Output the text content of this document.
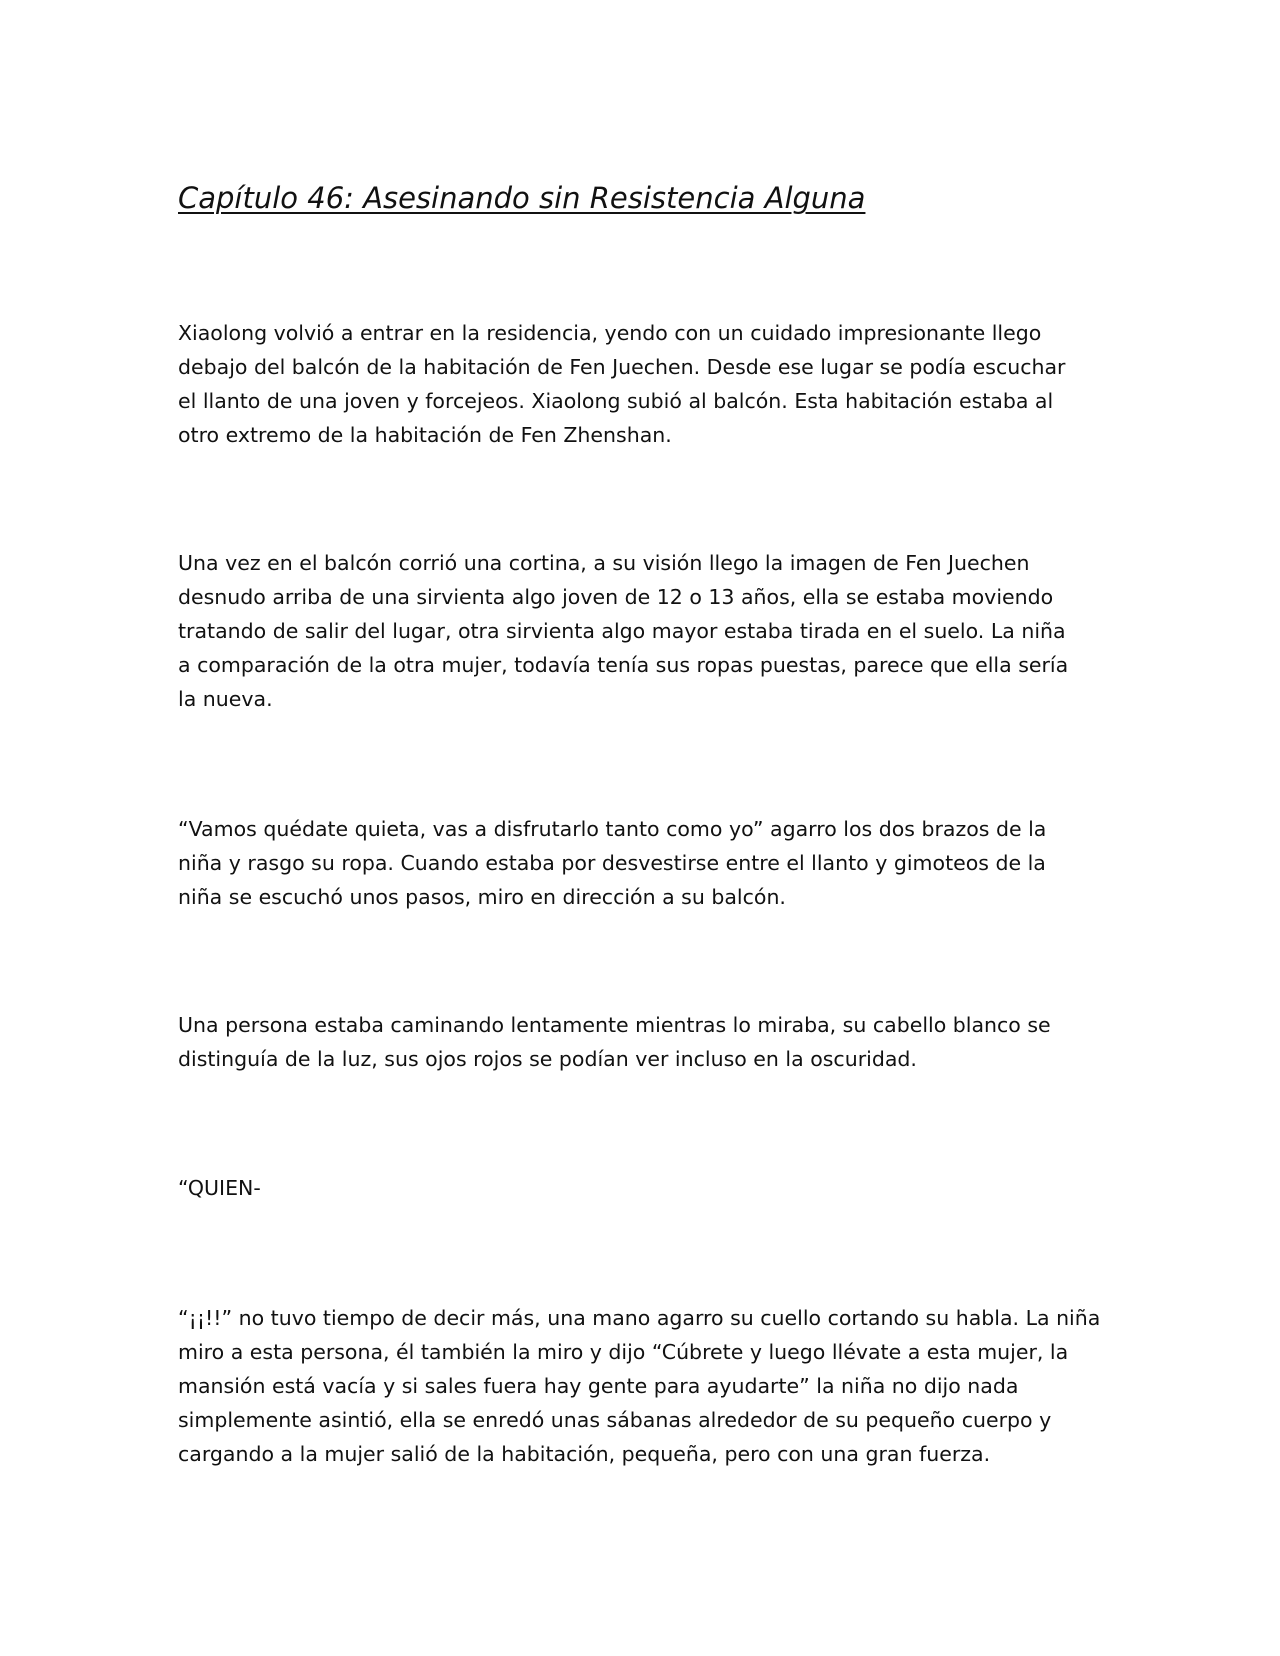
Capítulo 46: Asesinando sin Resistencia Alguna

Xiaolong volvió a entrar en la residencia, yendo con un cuidado impresionante llego
debajo del balcón de la habitación de Fen Juechen. Desde ese lugar se podía escuchar
el llanto de una joven y forcejeos. Xiaolong subió al balcón. Esta habitación estaba al
otro extremo de la habitación de Fen Zhenshan.

Una vez en el balcón corrió una cortina, a su visión llego la imagen de Fen Juechen
desnudo arriba de una sirvienta algo joven de 12 o 13 años, ella se estaba moviendo
tratando de salir del lugar, otra sirvienta algo mayor estaba tirada en el suelo. La niña
a comparación de la otra mujer, todavía tenía sus ropas puestas, parece que ella sería
la nueva.

“Vamos quédate quieta, vas a disfrutarlo tanto como yo” agarro los dos brazos de la
niña y rasgo su ropa. Cuando estaba por desvestirse entre el llanto y gimoteos de la
niña se escuchó unos pasos, miro en dirección a su balcón.

Una persona estaba caminando lentamente mientras lo miraba, su cabello blanco se
distinguía de la luz, sus ojos rojos se podían ver incluso en la oscuridad.

“QUIEN-

“¡¡!!” no tuvo tiempo de decir más, una mano agarro su cuello cortando su habla. La niña
miro a esta persona, él también la miro y dijo “Cúbrete y luego llévate a esta mujer, la
mansión está vacía y si sales fuera hay gente para ayudarte” la niña no dijo nada
simplemente asintió, ella se enredó unas sábanas alrededor de su pequeño cuerpo y
cargando a la mujer salió de la habitación, pequeña, pero con una gran fuerza.
